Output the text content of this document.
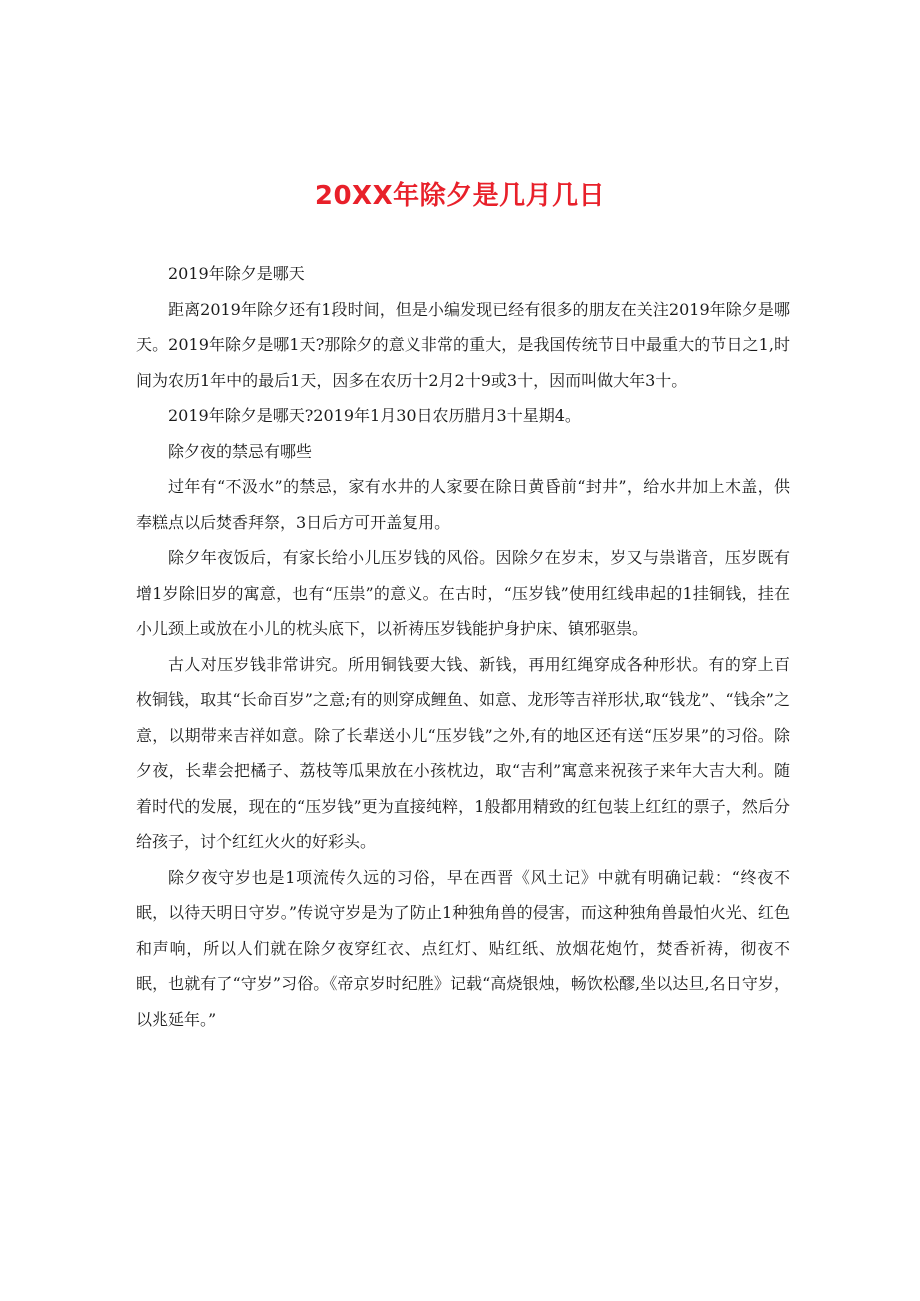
20XX年除夕是几月几日

2019年除夕是哪天

距离2019年除夕还有1段时间，但是小编发现已经有很多的朋友在关注2019年除夕是哪天。2019年除夕是哪1天?那除夕的意义非常的重大，是我国传统节日中最重大的节日之1,时间为农历1年中的最后1天，因多在农历十2月2十9或3十，因而叫做大年3十。

2019年除夕是哪天?2019年1月30日农历腊月3十星期4。

除夕夜的禁忌有哪些

过年有“不汲水”的禁忌，家有水井的人家要在除日黄昏前“封井”，给水井加上木盖，供奉糕点以后焚香拜祭，3日后方可开盖复用。

除夕年夜饭后，有家长给小儿压岁钱的风俗。因除夕在岁末，岁又与祟谐音，压岁既有增1岁除旧岁的寓意，也有“压祟”的意义。在古时，“压岁钱”使用红线串起的1挂铜钱，挂在小儿颈上或放在小儿的枕头底下，以祈祷压岁钱能护身护床、镇邪驱祟。

古人对压岁钱非常讲究。所用铜钱要大钱、新钱，再用红绳穿成各种形状。有的穿上百枚铜钱，取其“长命百岁”之意;有的则穿成鲤鱼、如意、龙形等吉祥形状,取“钱龙”、“钱余”之意，以期带来吉祥如意。除了长辈送小儿“压岁钱”之外,有的地区还有送“压岁果”的习俗。除夕夜，长辈会把橘子、荔枝等瓜果放在小孩枕边，取“吉利”寓意来祝孩子来年大吉大利。随着时代的发展，现在的“压岁钱”更为直接纯粹，1般都用精致的红包装上红红的票子，然后分给孩子，讨个红红火火的好彩头。

除夕夜守岁也是1项流传久远的习俗，早在西晋《风土记》中就有明确记载：“终夜不眠，以待天明日守岁。”传说守岁是为了防止1种独角兽的侵害，而这种独角兽最怕火光、红色和声响，所以人们就在除夕夜穿红衣、点红灯、贴红纸、放烟花炮竹，焚香祈祷，彻夜不眠，也就有了“守岁”习俗。《帝京岁时纪胜》记载“高烧银烛，畅饮松醪,坐以达旦,名日守岁，以兆延年。”
